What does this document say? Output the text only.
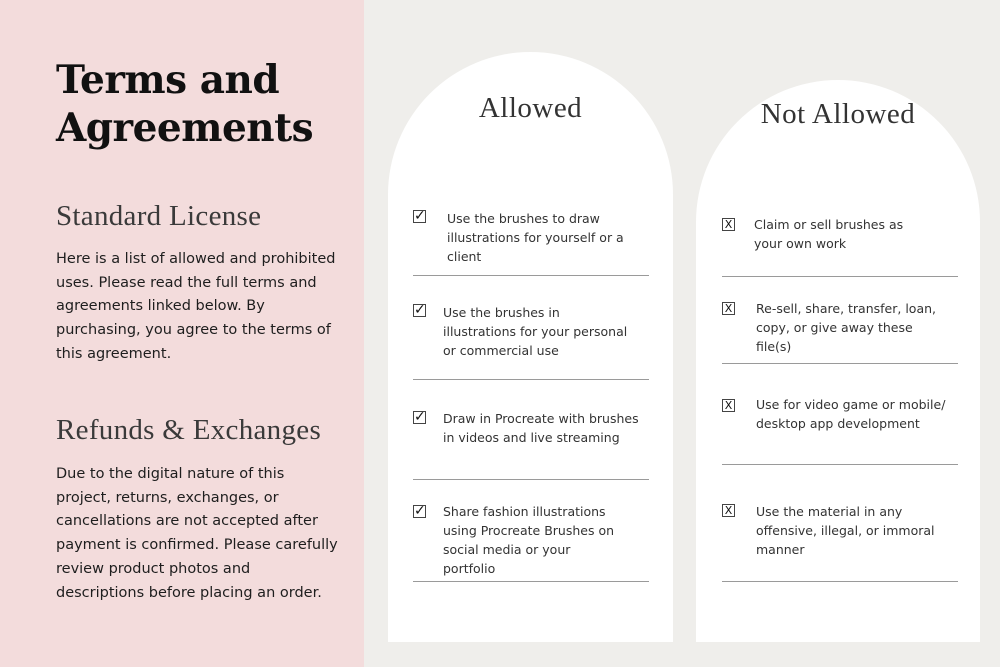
Terms and
Agreements
Standard License

Here is a list of allowed and prohibited uses. Please read the full terms and agreements linked below. By purchasing, you agree to the terms of this agreement.

Refunds & Exchanges

Due to the digital nature of this project, returns, exchanges, or cancellations are not accepted after payment is confirmed. Please carefully review product photos and descriptions before placing an order.

Allowed
✓ Use the brushes to draw illustrations for yourself or a client

✓ Use the brushes in illustrations for your personal or commercial use

✓ Draw in Procreate with brushes in videos and live streaming

✓ Share fashion illustrations using Procreate Brushes on social media or your portfolio

Not Allowed
X Claim or sell brushes as your own work

X Re-sell, share, transfer, loan, copy, or give away these file(s)

X Use for video game or mobile/ desktop app development

X Use the material in any offensive, illegal, or immoral manner
